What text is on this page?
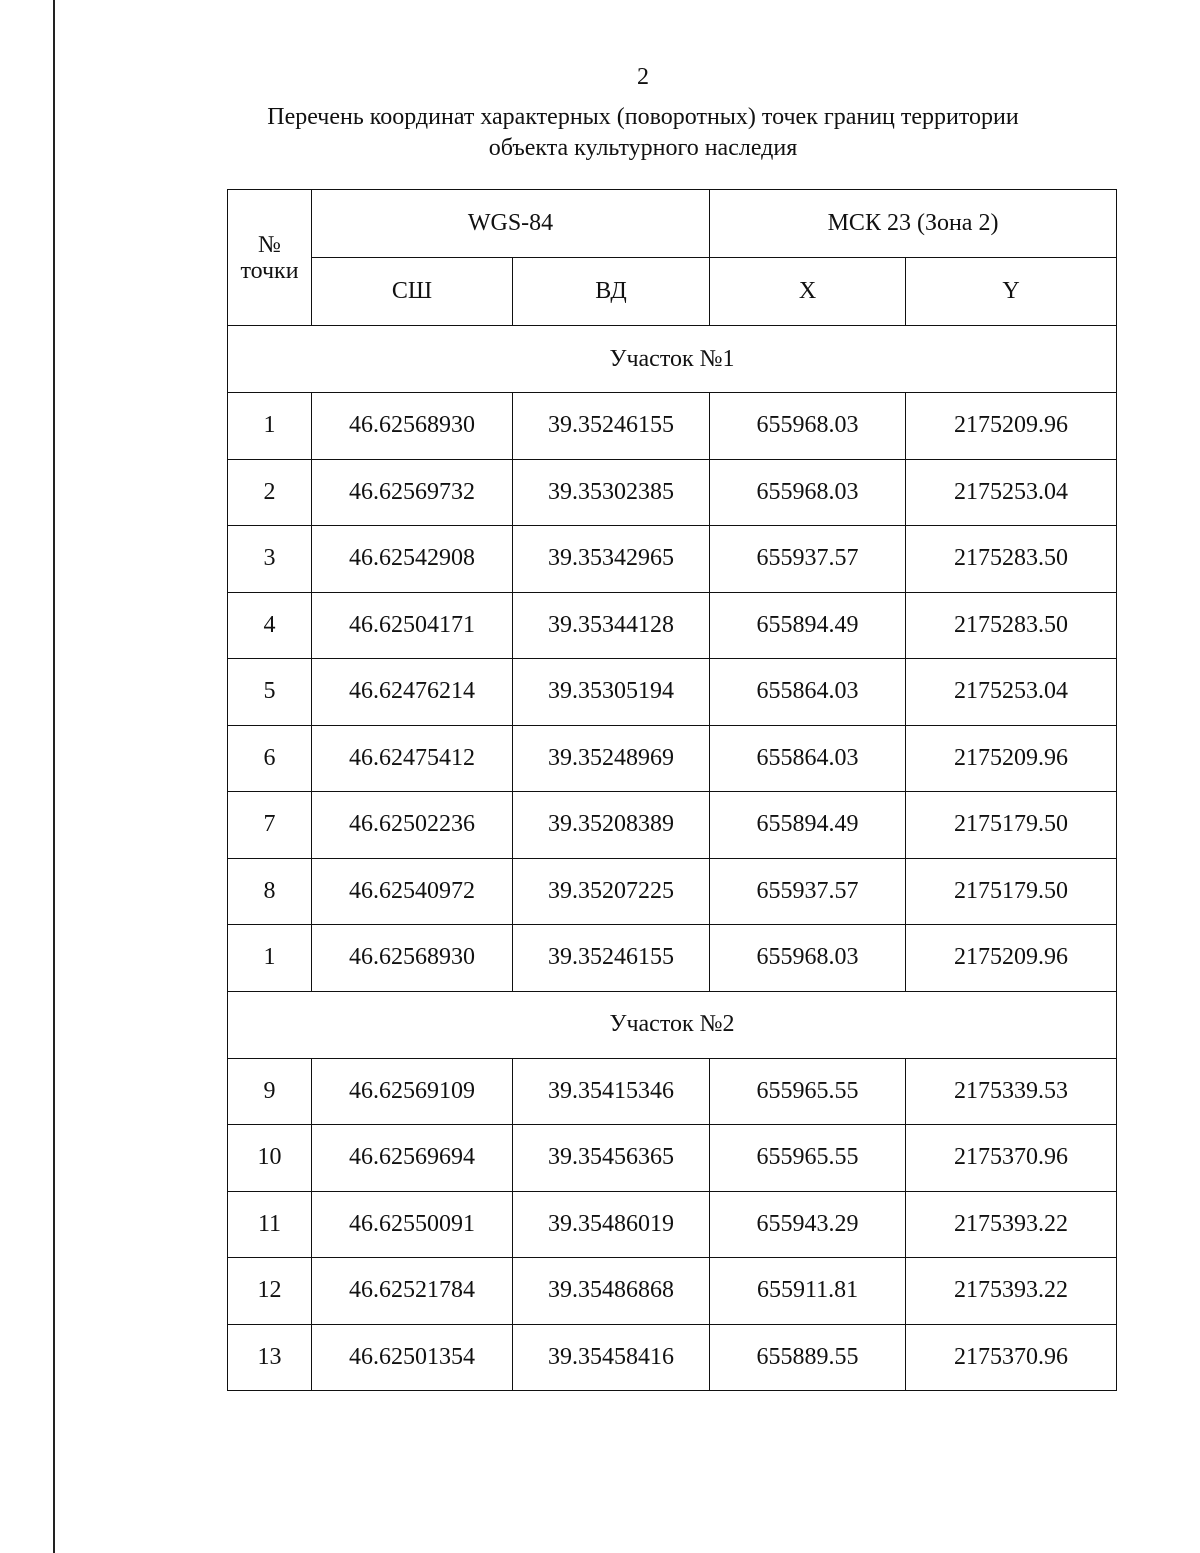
2
Перечень координат характерных (поворотных) точек границ территории
объекта культурного наследия
№
точки	WGS-84		МСК 23 (Зона 2)	
	СШ	ВД	X	Y
Участок №1				
1	46.62568930	39.35246155	655968.03	2175209.96
2	46.62569732	39.35302385	655968.03	2175253.04
3	46.62542908	39.35342965	655937.57	2175283.50
4	46.62504171	39.35344128	655894.49	2175283.50
5	46.62476214	39.35305194	655864.03	2175253.04
6	46.62475412	39.35248969	655864.03	2175209.96
7	46.62502236	39.35208389	655894.49	2175179.50
8	46.62540972	39.35207225	655937.57	2175179.50
1	46.62568930	39.35246155	655968.03	2175209.96
Участок №2				
9	46.62569109	39.35415346	655965.55	2175339.53
10	46.62569694	39.35456365	655965.55	2175370.96
11	46.62550091	39.35486019	655943.29	2175393.22
12	46.62521784	39.35486868	655911.81	2175393.22
13	46.62501354	39.35458416	655889.55	2175370.96
